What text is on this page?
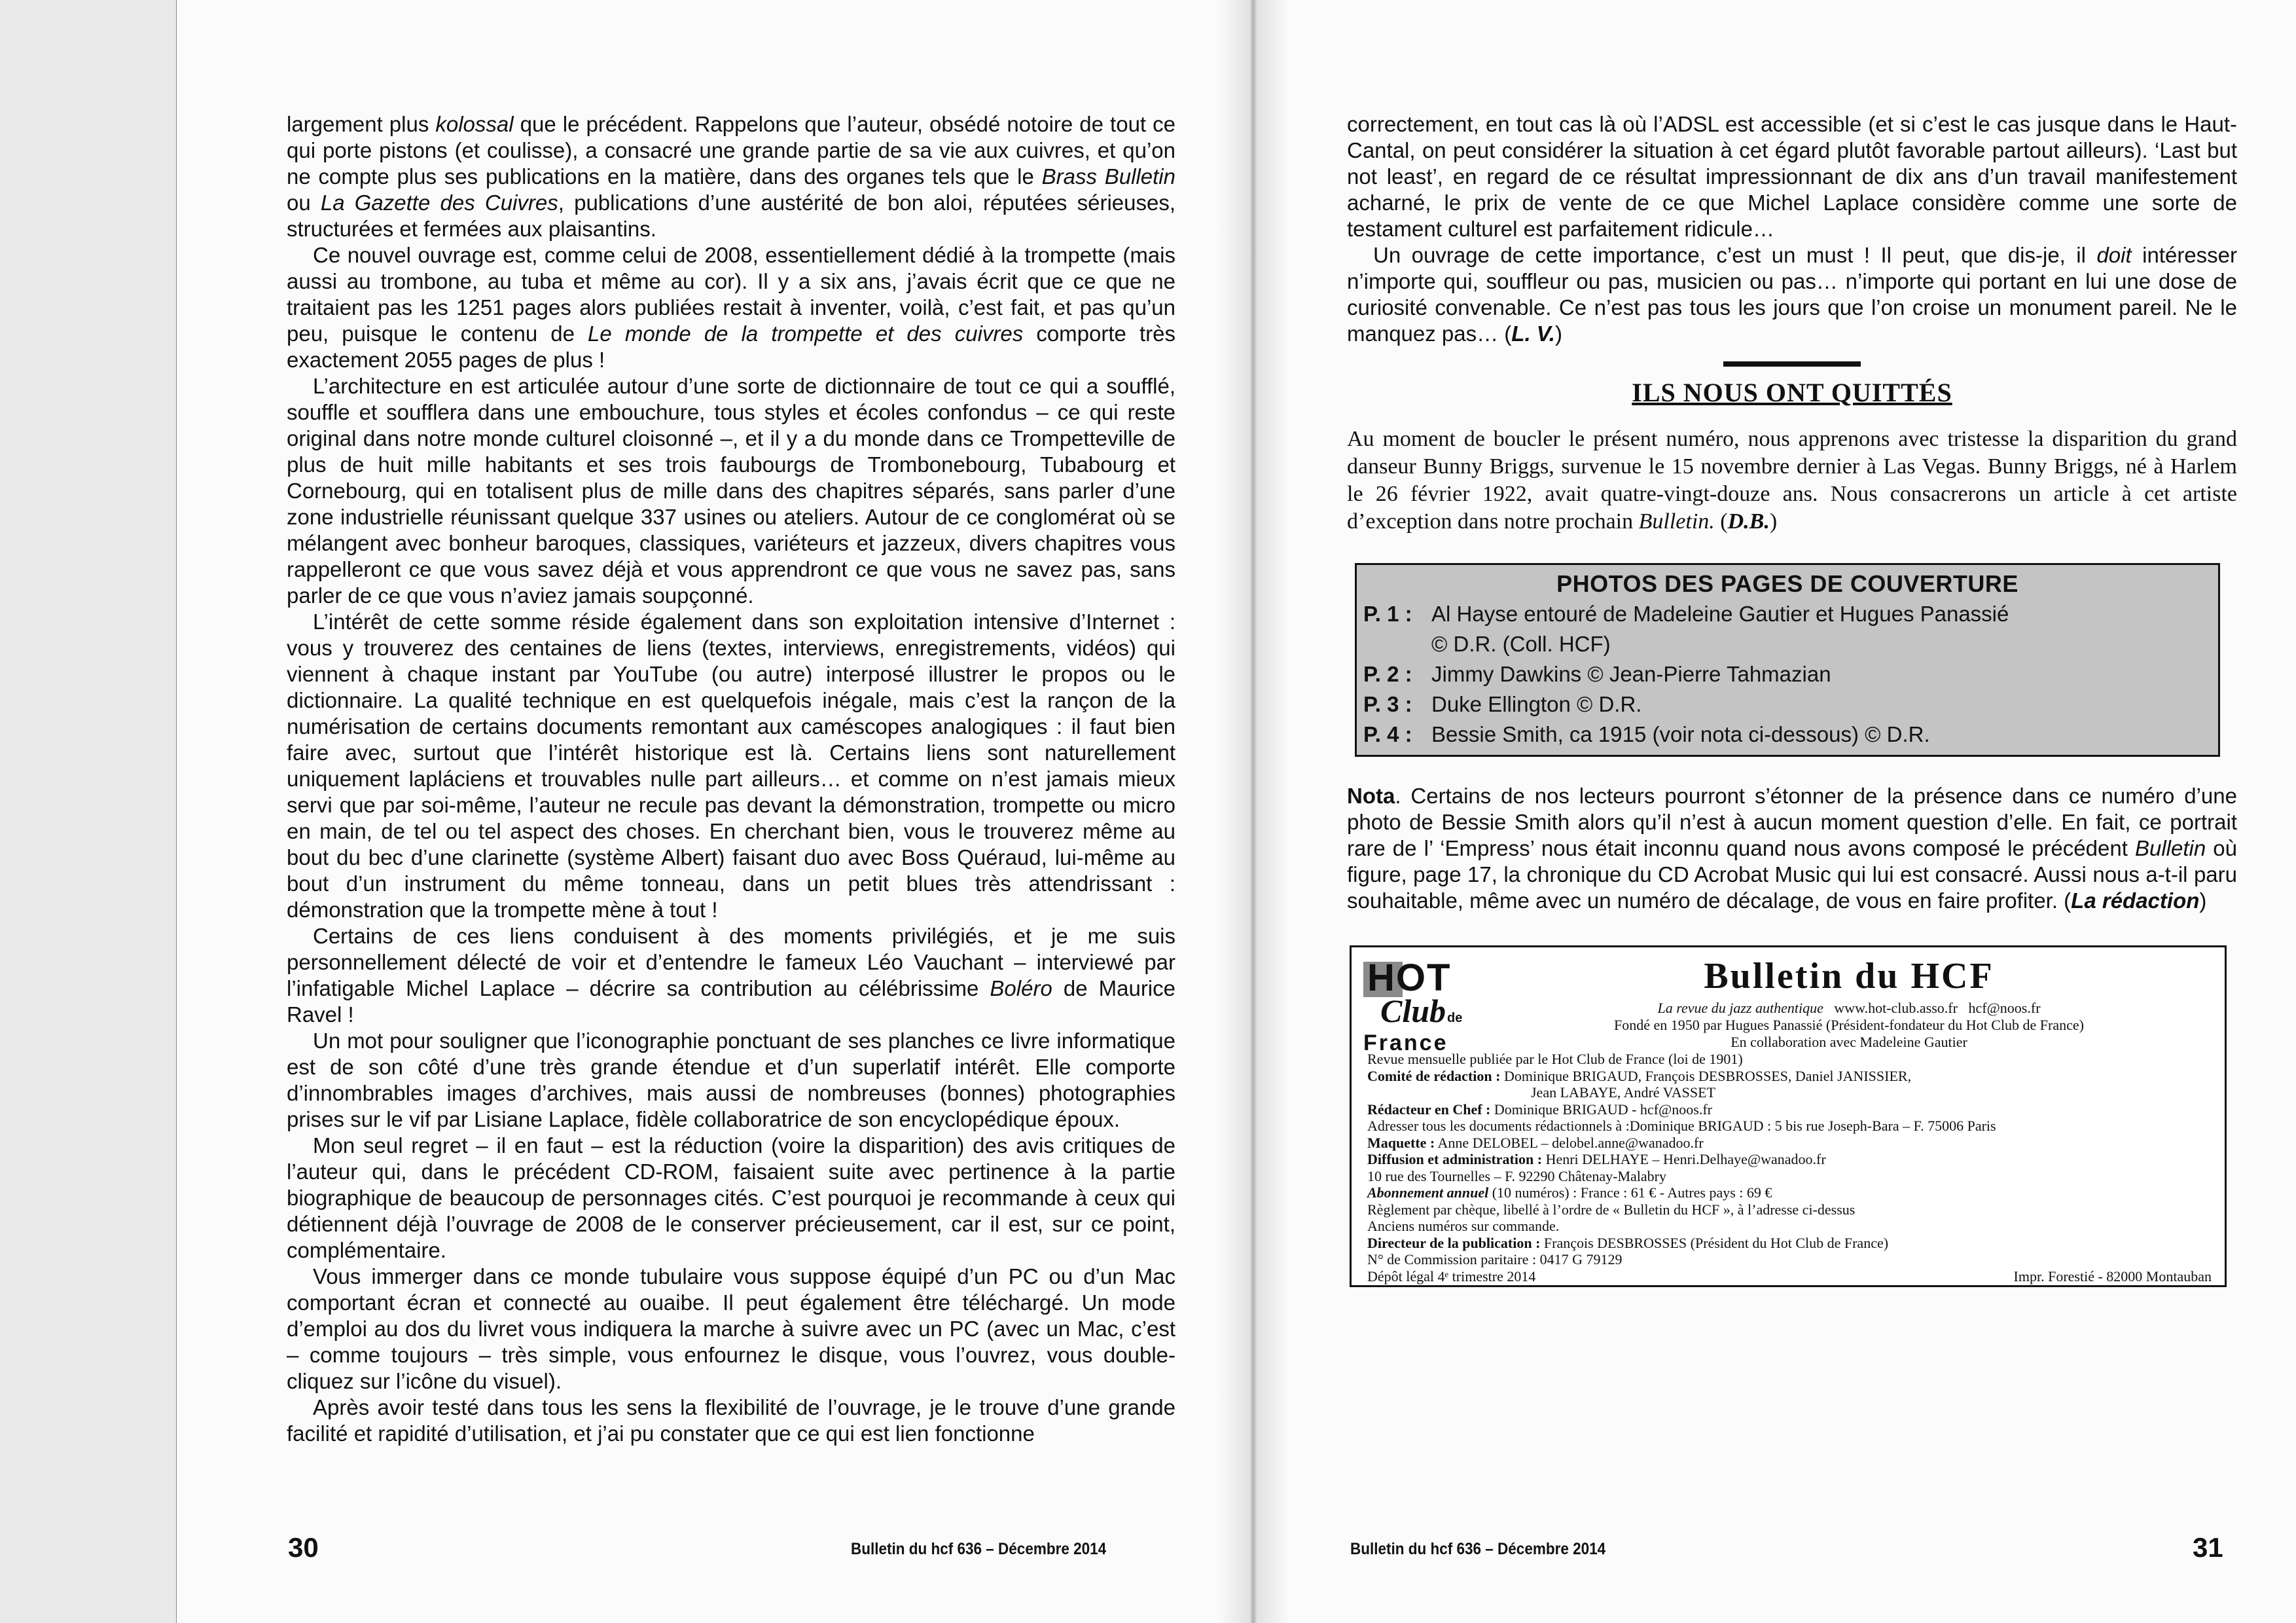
largement plus kolossal que le précédent. Rappelons que l’auteur, obsédé notoire de tout ce qui porte pistons (et coulisse), a consacré une grande partie de sa vie aux cuivres, et qu’on ne compte plus ses publications en la matière, dans des organes tels que le Brass Bulletin ou La Gazette des Cuivres, publications d’une austérité de bon aloi, réputées sérieuses, structurées et fermées aux plaisantins.

Ce nouvel ouvrage est, comme celui de 2008, essentiellement dédié à la trompette (mais aussi au trombone, au tuba et même au cor). Il y a six ans, j’avais écrit que ce que ne traitaient pas les 1251 pages alors publiées restait à inventer, voilà, c’est fait, et pas qu’un peu, puisque le contenu de Le monde de la trompette et des cuivres comporte très exactement 2055 pages de plus !

L’architecture en est articulée autour d’une sorte de dictionnaire de tout ce qui a soufflé, souffle et soufflera dans une embouchure, tous styles et écoles confondus – ce qui reste original dans notre monde culturel cloisonné –, et il y a du monde dans ce Trompetteville de plus de huit mille habitants et ses trois faubourgs de Trombonebourg, Tubabourg et Cornebourg, qui en totalisent plus de mille dans des chapitres séparés, sans parler d’une zone industrielle réunissant quelque 337 usines ou ateliers. Autour de ce conglomérat où se mélangent avec bonheur baroques, classiques, variéteurs et jazzeux, divers chapitres vous rappelleront ce que vous savez déjà et vous apprendront ce que vous ne savez pas, sans parler de ce que vous n’aviez jamais soupçonné.

L’intérêt de cette somme réside également dans son exploitation intensive d’Internet : vous y trouverez des centaines de liens (textes, interviews, enregistrements, vidéos) qui viennent à chaque instant par YouTube (ou autre) interposé illustrer le propos ou le dictionnaire. La qualité technique en est quelquefois inégale, mais c’est la rançon de la numérisation de certains documents remontant aux caméscopes analogiques : il faut bien faire avec, surtout que l’intérêt historique est là. Certains liens sont naturellement uniquement lapláciens et trouvables nulle part ailleurs… et comme on n’est jamais mieux servi que par soi-même, l’auteur ne recule pas devant la démonstration, trompette ou micro en main, de tel ou tel aspect des choses. En cherchant bien, vous le trouverez même au bout du bec d’une clarinette (système Albert) faisant duo avec Boss Quéraud, lui-même au bout d’un instrument du même tonneau, dans un petit blues très attendrissant : démonstration que la trompette mène à tout !

Certains de ces liens conduisent à des moments privilégiés, et je me suis personnellement délecté de voir et d’entendre le fameux Léo Vauchant – interviewé par l’infatigable Michel Laplace – décrire sa contribution au célébrissime Boléro de Maurice Ravel !

Un mot pour souligner que l’iconographie ponctuant de ses planches ce livre informatique est de son côté d’une très grande étendue et d’un superlatif intérêt. Elle comporte d’innombrables images d’archives, mais aussi de nombreuses (bonnes) photographies prises sur le vif par Lisiane Laplace, fidèle collaboratrice de son encyclopédique époux.

Mon seul regret – il en faut – est la réduction (voire la disparition) des avis critiques de l’auteur qui, dans le précédent CD-ROM, faisaient suite avec pertinence à la partie biographique de beaucoup de personnages cités. C’est pourquoi je recommande à ceux qui détiennent déjà l’ouvrage de 2008 de le conserver précieusement, car il est, sur ce point, complémentaire.

Vous immerger dans ce monde tubulaire vous suppose équipé d’un PC ou d’un Mac comportant écran et connecté au ouaibe. Il peut également être téléchargé. Un mode d’emploi au dos du livret vous indiquera la marche à suivre avec un PC (avec un Mac, c’est – comme toujours – très simple, vous enfournez le disque, vous l’ouvrez, vous double-cliquez sur l’icône du visuel).

Après avoir testé dans tous les sens la flexibilité de l’ouvrage, je le trouve d’une grande facilité et rapidité d’utilisation, et j’ai pu constater que ce qui est lien fonctionne

30	Bulletin du hcf 636 – Décembre 2014

correctement, en tout cas là où l’ADSL est accessible (et si c’est le cas jusque dans le Haut-Cantal, on peut considérer la situation à cet égard plutôt favorable partout ailleurs). ‘Last but not least’, en regard de ce résultat impressionnant de dix ans d’un travail manifestement acharné, le prix de vente de ce que Michel Laplace considère comme une sorte de testament culturel est parfaitement ridicule…

Un ouvrage de cette importance, c’est un must ! Il peut, que dis-je, il doit intéresser n’importe qui, souffleur ou pas, musicien ou pas… n’importe qui portant en lui une dose de curiosité convenable. Ce n’est pas tous les jours que l’on croise un monument pareil. Ne le manquez pas… (L. V.)

ILS NOUS ONT QUITTÉS

Au moment de boucler le présent numéro, nous apprenons avec tristesse la disparition du grand danseur Bunny Briggs, survenue le 15 novembre dernier à Las Vegas. Bunny Briggs, né à Harlem le 26 février 1922, avait quatre-vingt-douze ans. Nous consacrerons un article à cet artiste d’exception dans notre prochain Bulletin. (D.B.)

PHOTOS DES PAGES DE COUVERTURE
P. 1 : Al Hayse entouré de Madeleine Gautier et Hugues Panassié
© D.R. (Coll. HCF)
P. 2 : Jimmy Dawkins © Jean-Pierre Tahmazian
P. 3 : Duke Ellington © D.R.
P. 4 : Bessie Smith, ca 1915 (voir nota ci-dessous) © D.R.

Nota. Certains de nos lecteurs pourront s’étonner de la présence dans ce numéro d’une photo de Bessie Smith alors qu’il n’est à aucun moment question d’elle. En fait, ce portrait rare de l’ ‘Empress’ nous était inconnu quand nous avons composé le précédent Bulletin où figure, page 17, la chronique du CD Acrobat Music qui lui est consacré. Aussi nous a-t-il paru souhaitable, même avec un numéro de décalage, de vous en faire profiter. (La rédaction)

HOT
Club de
France
Bulletin du HCF
La revue du jazz authentique www.hot-club.asso.fr hcf@noos.fr
Fondé en 1950 par Hugues Panassié (Président-fondateur du Hot Club de France)
En collaboration avec Madeleine Gautier
Revue mensuelle publiée par le Hot Club de France (loi de 1901)
Comité de rédaction : Dominique BRIGAUD, François DESBROSSES, Daniel JANISSIER,
Jean LABAYE, André VASSET
Rédacteur en Chef : Dominique BRIGAUD - hcf@noos.fr
Adresser tous les documents rédactionnels à :Dominique BRIGAUD : 5 bis rue Joseph-Bara – F. 75006 Paris
Maquette : Anne DELOBEL – delobel.anne@wanadoo.fr
Diffusion et administration : Henri DELHAYE – Henri.Delhaye@wanadoo.fr
10 rue des Tournelles – F. 92290 Châtenay-Malabry
Abonnement annuel (10 numéros) : France : 61 € - Autres pays : 69 €
Règlement par chèque, libellé à l’ordre de « Bulletin du HCF », à l’adresse ci-dessus
Anciens numéros sur commande.
Directeur de la publication : François DESBROSSES (Président du Hot Club de France)
N° de Commission paritaire : 0417 G 79129
Dépôt légal 4ᵉ trimestre 2014	Impr. Forestié - 82000 Montauban
Bulletin du hcf 636 – Décembre 2014	31
